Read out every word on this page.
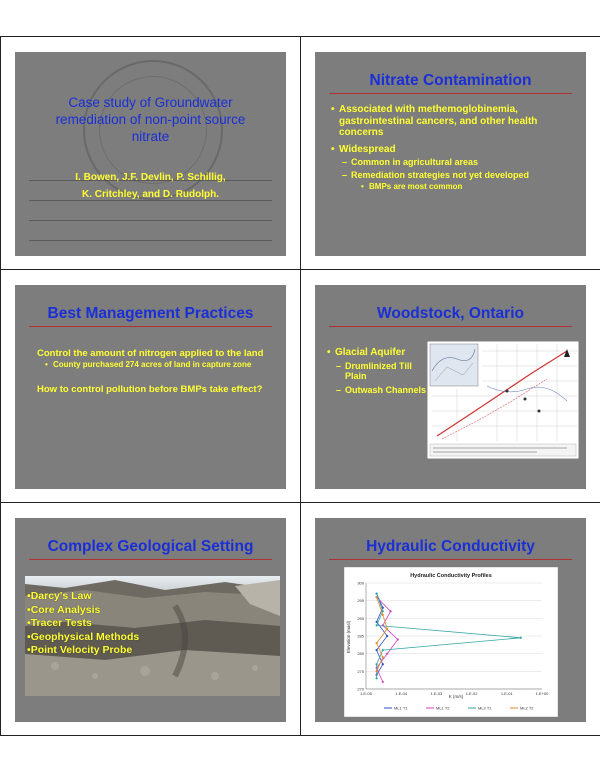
Case study of Groundwater remediation of non-point source nitrate
I. Bowen, J.F. Devlin, P. Schillig,
K. Critchley, and D. Rudolph.
Nitrate Contamination
• Associated with methemoglobinemia, gastrointestinal cancers, and other health concerns
• Widespread
– Common in agricultural areas
– Remediation strategies not yet developed
• BMPs are most common
Best Management Practices
Control the amount of nitrogen applied to the land
• County purchased 274 acres of land in capture zone
How to control pollution before BMPs take effect?
Woodstock, Ontario
• Glacial Aquifer
– Drumlinized Till Plain
– Outwash Channels
Complex Geological Setting
•Darcy's Law
•Core Analysis
•Tracer Tests
•Geophysical Methods
•Point Velocity Probe
Hydraulic Conductivity
Hydraulic Conductivity Profiles
Elevation (masl)
K (m/s)
270
275
280
285
290
295
300
1.E-05	1.E-04	1.E-03	1.E-02	1.E-01	1.E+00
ML1 T1	ML1 T2	ML2 T1	ML2 T2
